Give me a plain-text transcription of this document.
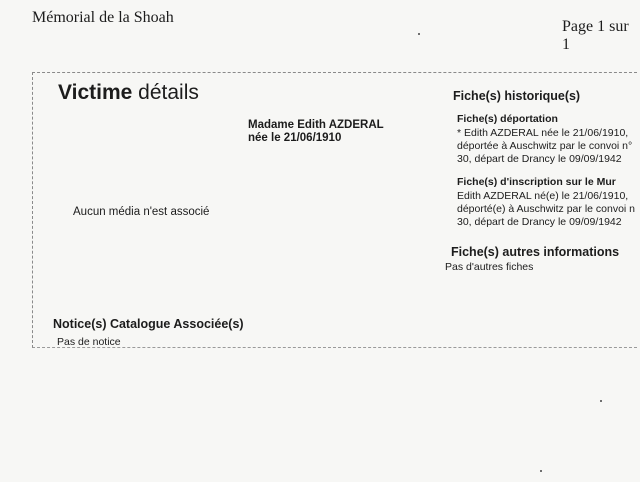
Mémorial de la Shoah
Page 1 sur 1
Victime détails
Madame Edith AZDERAL
née le 21/06/1910
Aucun média n'est associé
Notice(s) Catalogue Associée(s)
Pas de notice
Fiche(s) historique(s)
Fiche(s) déportation
* Edith AZDERAL née le 21/06/1910,
déportée à Auschwitz par le convoi n°
30, départ de Drancy le 09/09/1942
Fiche(s) d'inscription sur le Mur
Edith AZDERAL né(e) le 21/06/1910,
déporté(e) à Auschwitz par le convoi n
30, départ de Drancy le 09/09/1942
Fiche(s) autres informations
Pas d'autres fiches
